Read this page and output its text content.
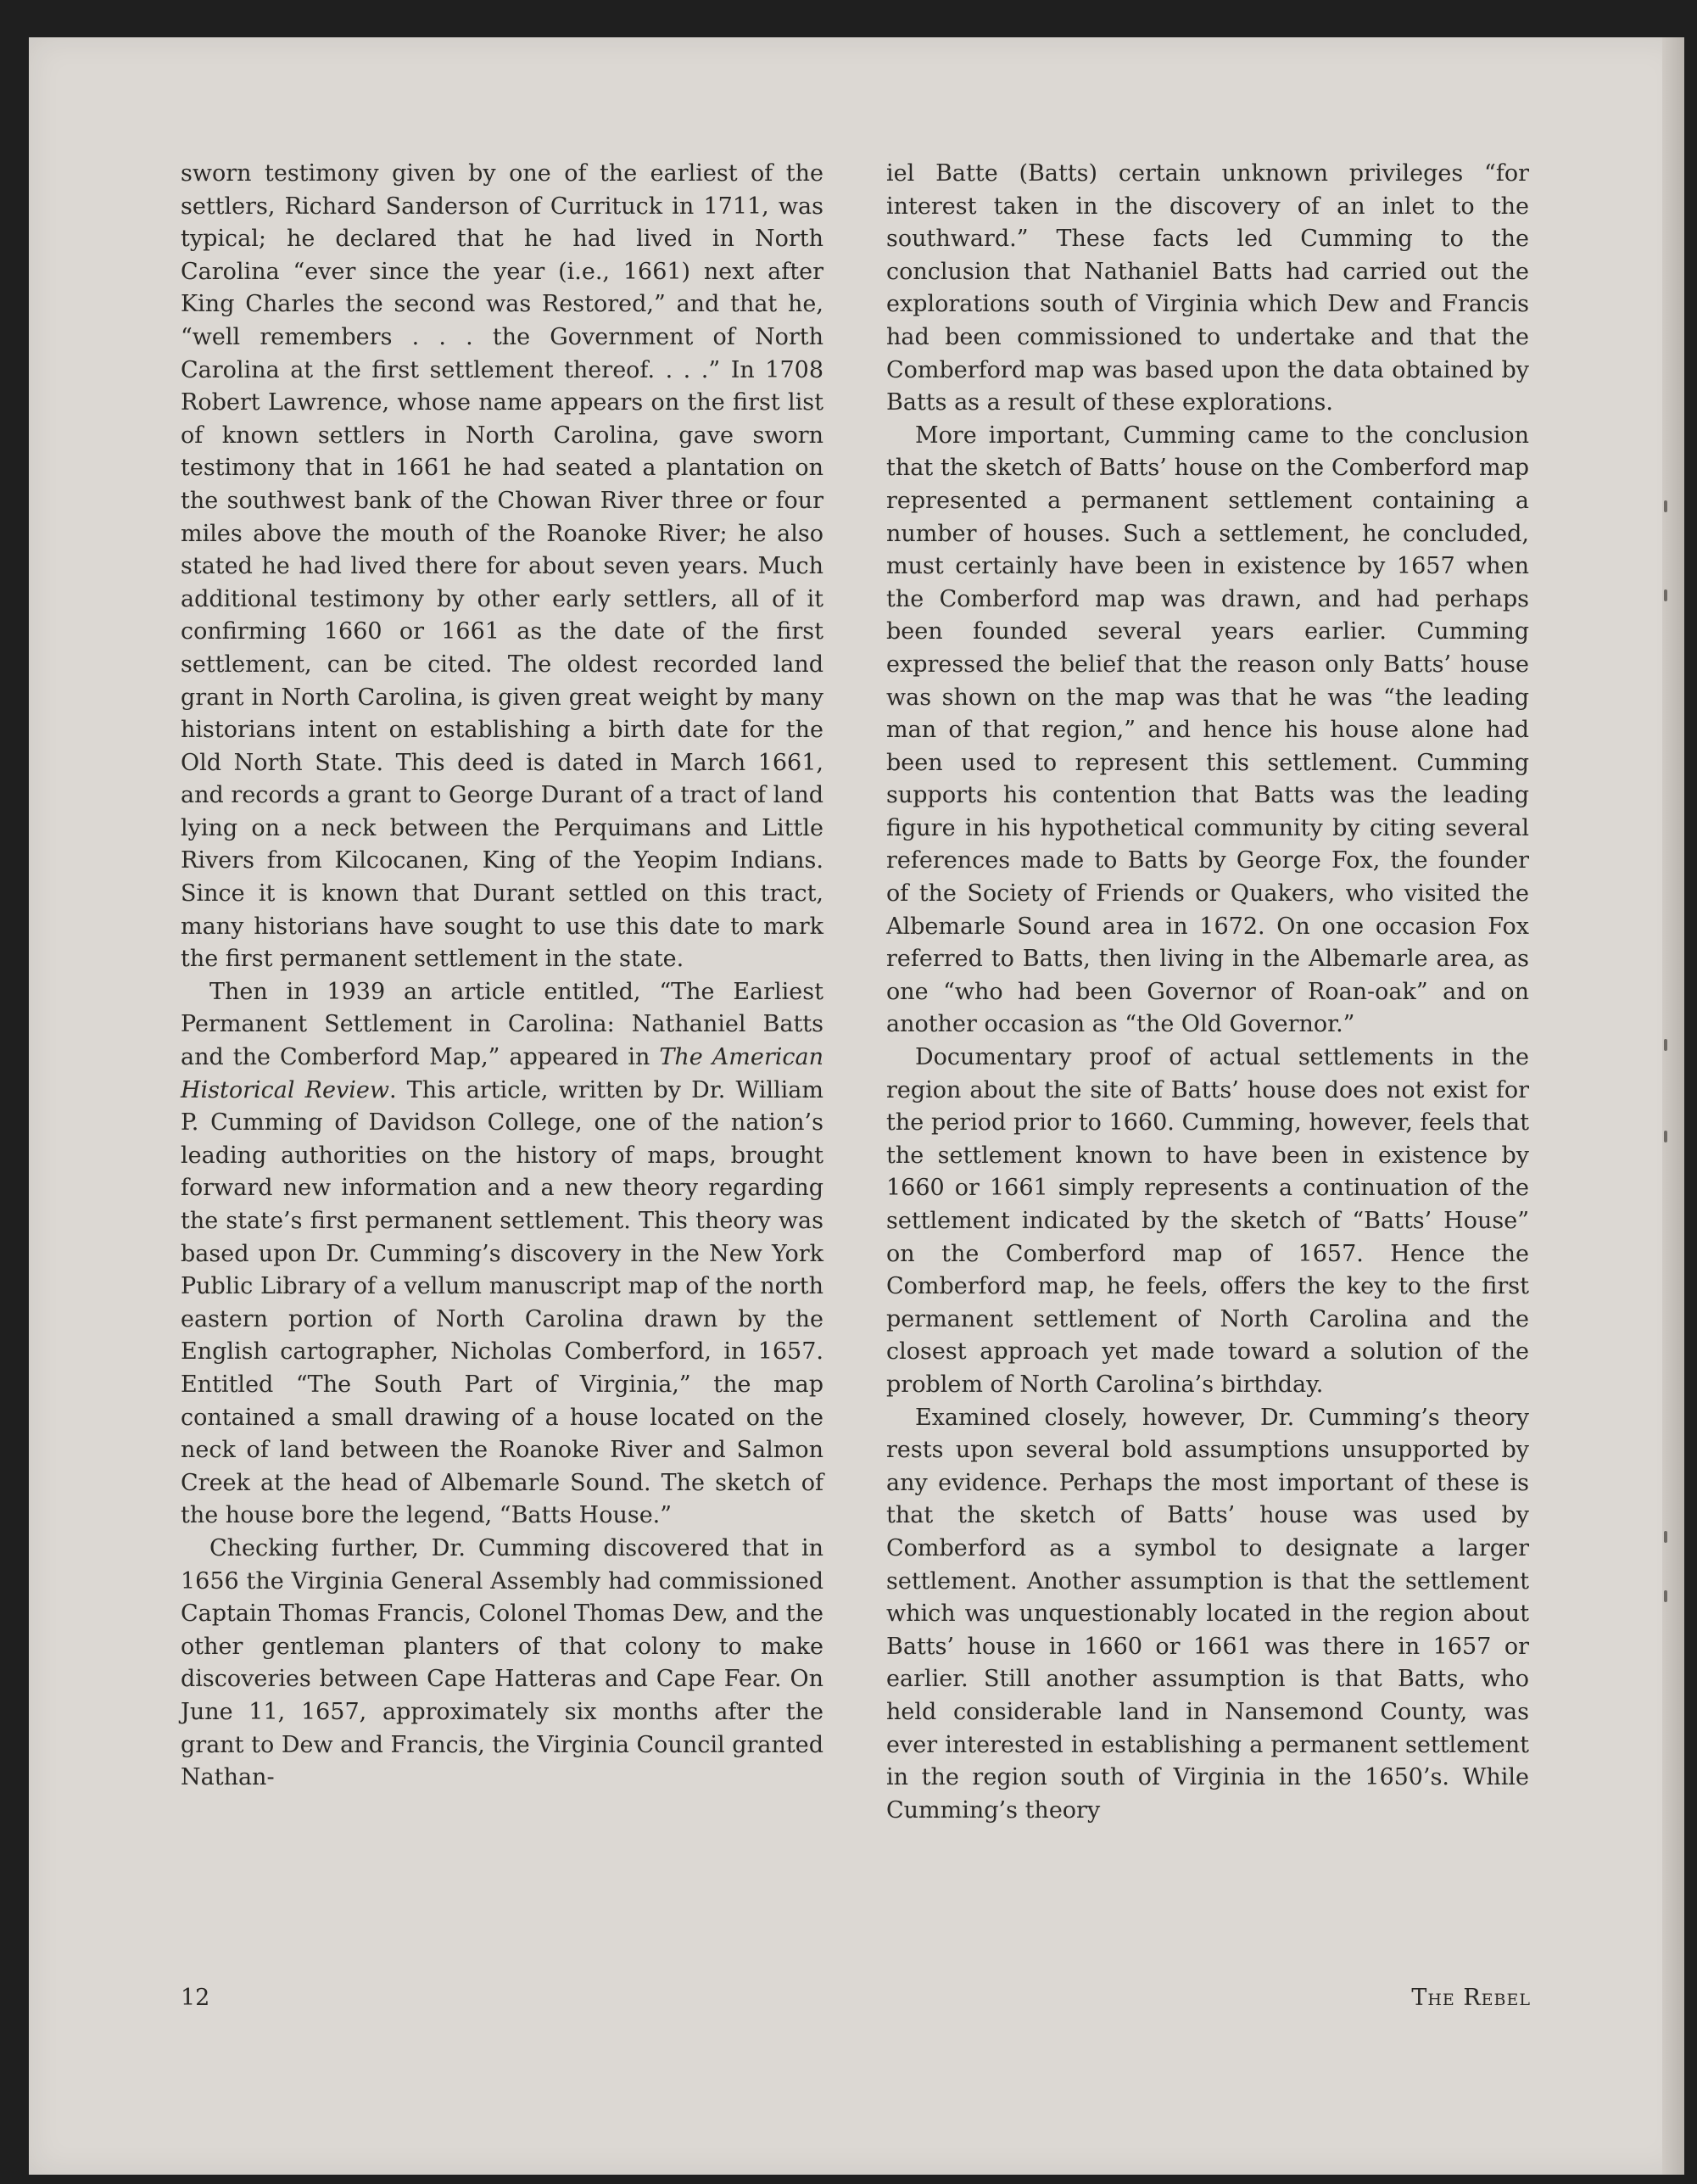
sworn testimony given by one of the earliest of the settlers, Richard Sanderson of Currituck in 1711, was typical; he declared that he had lived in North Carolina “ever since the year (i.e., 1661) next after King Charles the second was Restored,” and that he, “well remembers . . . the Government of North Carolina at the first settlement thereof. . . .” In 1708 Robert Lawrence, whose name appears on the first list of known settlers in North Carolina, gave sworn testimony that in 1661 he had seated a plantation on the southwest bank of the Chowan River three or four miles above the mouth of the Roanoke River; he also stated he had lived there for about seven years. Much additional testimony by other early settlers, all of it confirming 1660 or 1661 as the date of the first settlement, can be cited. The oldest recorded land grant in North Carolina, is given great weight by many historians intent on establishing a birth date for the Old North State. This deed is dated in March 1661, and records a grant to George Durant of a tract of land lying on a neck between the Perquimans and Little Rivers from Kilcocanen, King of the Yeopim Indians. Since it is known that Durant settled on this tract, many historians have sought to use this date to mark the first permanent settlement in the state.

Then in 1939 an article entitled, “The Earliest Permanent Settlement in Carolina: Nathaniel Batts and the Comberford Map,” appeared in The American Historical Review. This article, written by Dr. William P. Cumming of Davidson College, one of the nation’s leading authorities on the history of maps, brought forward new information and a new theory regarding the state’s first permanent settlement. This theory was based upon Dr. Cumming’s discovery in the New York Public Library of a vellum manuscript map of the north eastern portion of North Carolina drawn by the English cartographer, Nicholas Comberford, in 1657. Entitled “The South Part of Virginia,” the map contained a small drawing of a house located on the neck of land between the Roanoke River and Salmon Creek at the head of Albemarle Sound. The sketch of the house bore the legend, “Batts House.”

Checking further, Dr. Cumming discovered that in 1656 the Virginia General Assembly had commissioned Captain Thomas Francis, Colonel Thomas Dew, and the other gentleman planters of that colony to make discoveries between Cape Hatteras and Cape Fear. On June 11, 1657, approximately six months after the grant to Dew and Francis, the Virginia Council granted Nathan-

iel Batte (Batts) certain unknown privileges “for interest taken in the discovery of an inlet to the southward.” These facts led Cumming to the conclusion that Nathaniel Batts had carried out the explorations south of Virginia which Dew and Francis had been commissioned to undertake and that the Comberford map was based upon the data obtained by Batts as a result of these explorations.

More important, Cumming came to the conclusion that the sketch of Batts’ house on the Comberford map represented a permanent settlement containing a number of houses. Such a settlement, he concluded, must certainly have been in existence by 1657 when the Comberford map was drawn, and had perhaps been founded several years earlier. Cumming expressed the belief that the reason only Batts’ house was shown on the map was that he was “the leading man of that region,” and hence his house alone had been used to represent this settlement. Cumming supports his contention that Batts was the leading figure in his hypothetical community by citing several references made to Batts by George Fox, the founder of the Society of Friends or Quakers, who visited the Albemarle Sound area in 1672. On one occasion Fox referred to Batts, then living in the Albemarle area, as one “who had been Governor of Roan-oak” and on another occasion as “the Old Governor.”

Documentary proof of actual settlements in the region about the site of Batts’ house does not exist for the period prior to 1660. Cumming, however, feels that the settlement known to have been in existence by 1660 or 1661 simply represents a continuation of the settlement indicated by the sketch of “Batts’ House” on the Comberford map of 1657. Hence the Comberford map, he feels, offers the key to the first permanent settlement of North Carolina and the closest approach yet made toward a solution of the problem of North Carolina’s birthday.

Examined closely, however, Dr. Cumming’s theory rests upon several bold assumptions unsupported by any evidence. Perhaps the most important of these is that the sketch of Batts’ house was used by Comberford as a symbol to designate a larger settlement. Another assumption is that the settlement which was unquestionably located in the region about Batts’ house in 1660 or 1661 was there in 1657 or earlier. Still another assumption is that Batts, who held considerable land in Nansemond County, was ever interested in establishing a permanent settlement in the region south of Virginia in the 1650’s. While Cumming’s theory

12	The Rebel
